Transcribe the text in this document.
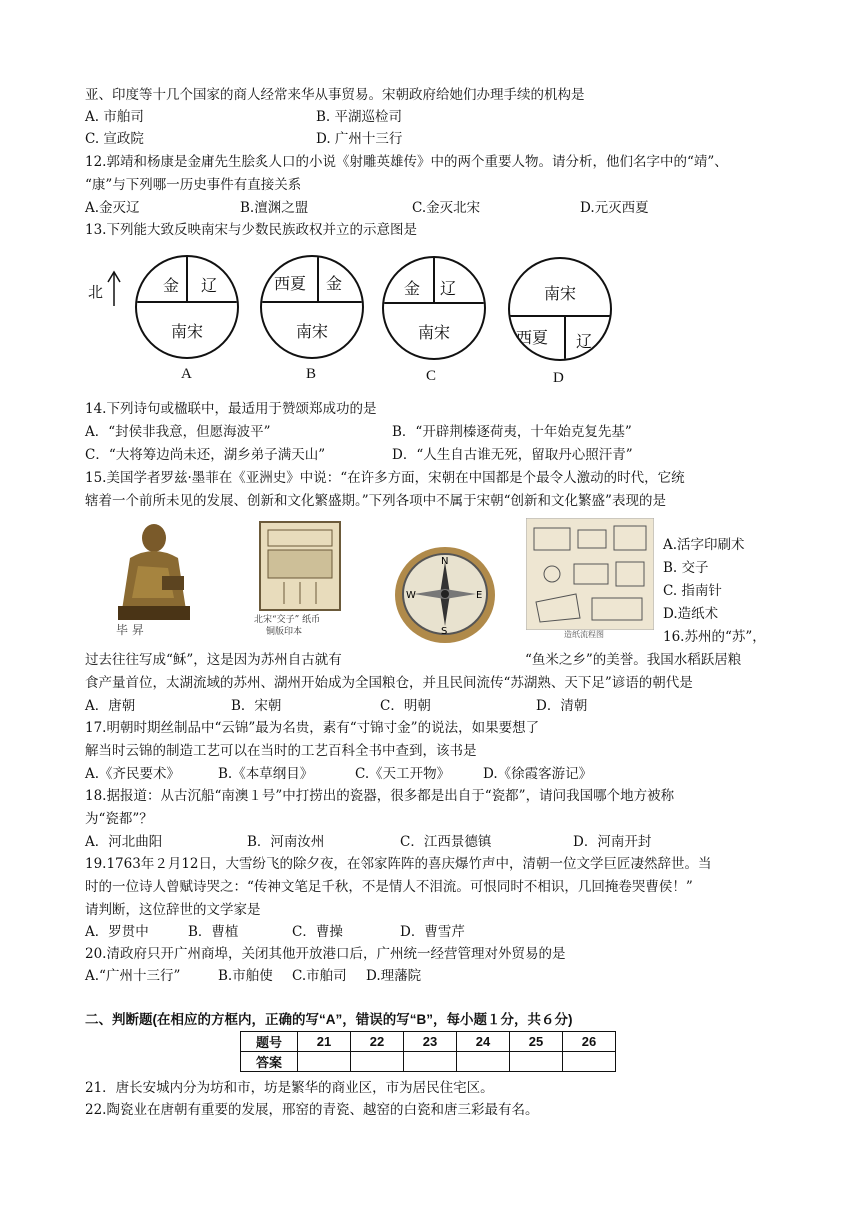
亚、印度等十几个国家的商人经常来华从事贸易。宋朝政府给她们办理手续的机构是
A. 市舶司	B. 平湖巡检司
C. 宣政院	D. 广州十三行
12.郭靖和杨康是金庸先生脍炙人口的小说《射雕英雄传》中的两个重要人物。请分析，他们名字中的“靖”、
“康”与下列哪一历史事件有直接关系
A.金灭辽	B.澶渊之盟	C.金灭北宋	D.元灭西夏
13.下列能大致反映南宋与少数民族政权并立的示意图是
北	金 辽
南宋
A
西夏 金
南宋
B
金 辽
南宋
C
南宋
西夏 辽
D
14.下列诗句或楹联中，最适用于赞颂郑成功的是
A．“封侯非我意，但愿海波平”	B．“开辟荆榛逐荷夷，十年始克复先基”
C．“大将筹边尚未还，湖乡弟子满天山”	D．“人生自古谁无死，留取丹心照汗青”
15.美国学者罗兹·墨菲在《亚洲史》中说：“在许多方面，宋朝在中国都是个最令人激动的时代，它统
辖着一个前所未见的发展、创新和文化繁盛期。”下列各项中不属于宋朝“创新和文化繁盛”表现的是
毕 昇
北宋“交子” 纸币
铜版印本
N
E
S
W
造纸流程图
A.活字印刷术
B. 交子
C. 指南针
D.造纸术
16.苏州的“苏”，
过去往往写成“稣”，这是因为苏州自古就有	“鱼米之乡”的美誉。我国水稻跃居粮
食产量首位，太湖流域的苏州、湖州开始成为全国粮仓，并且民间流传“苏湖熟、天下足”谚语的朝代是
A．唐朝	B．宋朝	C．明朝	D．清朝
17.明朝时期丝制品中“云锦”最为名贵，素有“寸锦寸金”的说法，如果要想了
解当时云锦的制造工艺可以在当时的工艺百科全书中查到，该书是
A.《齐民要术》	B.《本草纲目》	C.《天工开物》 D.《徐霞客游记》
18.据报道：从古沉船“南澳１号”中打捞出的瓷器，很多都是出自于“瓷都”，请问我国哪个地方被称
为“瓷都”？
A．河北曲阳	B．河南汝州	C．江西景德镇	D．河南开封
19.1763年２月12日，大雪纷飞的除夕夜，在邻家阵阵的喜庆爆竹声中，清朝一位文学巨匠凄然辞世。当
时的一位诗人曾赋诗哭之：“传神文笔足千秋，不是情人不泪流。可恨同时不相识，几回掩卷哭曹侯！”
请判断，这位辞世的文学家是
A．罗贯中	B．曹植	C．曹操	D．曹雪芹
20.清政府只开广州商埠，关闭其他开放港口后，广州统一经营管理对外贸易的是
A.“广州十三行”	B.市舶使 C.市舶司 D.理藩院
二、判断题(在相应的方框内，正确的写“A”，错误的写“B”，每小题１分，共６分)
题号	21	22	23	24	25	26
答案						
21．唐长安城内分为坊和市，坊是繁华的商业区，市为居民住宅区。
22.陶瓷业在唐朝有重要的发展，邢窑的青瓷、越窑的白瓷和唐三彩最有名。
